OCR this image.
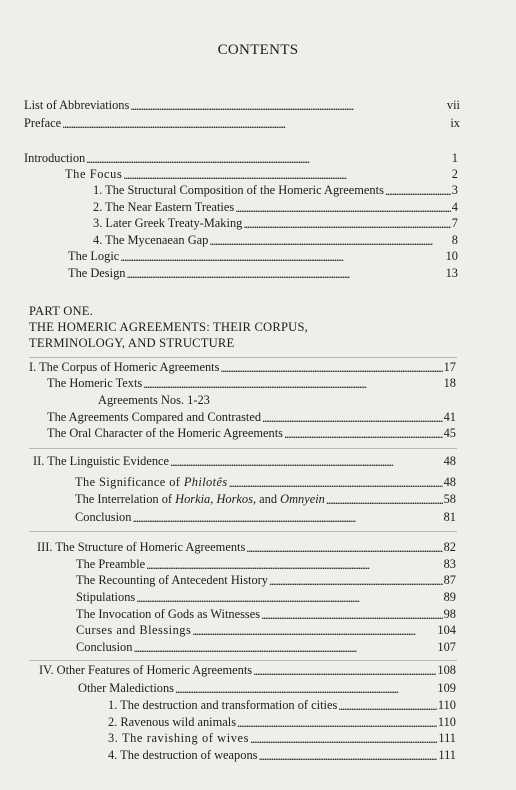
CONTENTS
List of Abbreviations . . .	vii
Preface . . .	ix
Introduction . . .	1
The Focus . . .	2
1. The Structural Composition of the Homeric Agreements . . .	3
2. The Near Eastern Treaties . . .	4
3. Later Greek Treaty-Making . . .	7
4. The Mycenaean Gap . . .	8
The Logic . . .	10
The Design . . .	13
PART ONE.
THE HOMERIC AGREEMENTS: THEIR CORPUS,
TERMINOLOGY, AND STRUCTURE
I. The Corpus of Homeric Agreements . . .	17
The Homeric Texts . . .	18
Agreements Nos. 1-23
The Agreements Compared and Contrasted . . .	41
The Oral Character of the Homeric Agreements . . .	45
II. The Linguistic Evidence . . .	48
The Significance of Philotês . . .	48
The Interrelation of Horkia, Horkos, and Omnyein . . .	58
Conclusion . . .	81
III. The Structure of Homeric Agreements . . .	82
The Preamble . . .	83
The Recounting of Antecedent History . . .	87
Stipulations . . .	89
The Invocation of Gods as Witnesses . . .	98
Curses and Blessings . . .	104
Conclusion . . .	107
IV. Other Features of Homeric Agreements . . .	108
Other Maledictions . . .	109
1. The destruction and transformation of cities . . .	110
2. Ravenous wild animals . . .	110
3. The ravishing of wives . . .	111
4. The destruction of weapons . . .	111
